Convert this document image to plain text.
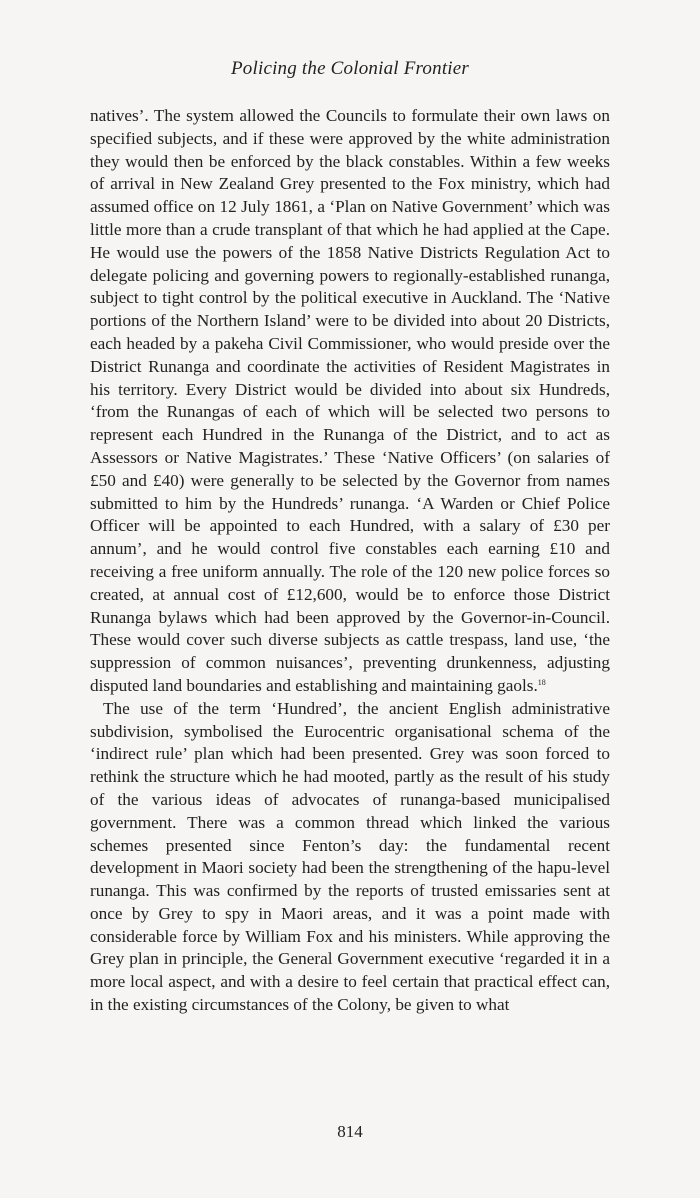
Policing the Colonial Frontier

natives’. The system allowed the Councils to formulate their own laws on specified subjects, and if these were approved by the white administration they would then be enforced by the black constables. Within a few weeks of arrival in New Zealand Grey presented to the Fox ministry, which had assumed office on 12 July 1861, a ‘Plan on Native Government’ which was little more than a crude transplant of that which he had applied at the Cape. He would use the powers of the 1858 Native Districts Regulation Act to delegate policing and governing powers to regionally-established runanga, subject to tight control by the political executive in Auckland. The ‘Native portions of the Northern Island’ were to be divided into about 20 Districts, each headed by a pakeha Civil Commissioner, who would preside over the District Runanga and coordinate the activities of Resident Magistrates in his territory. Every District would be divided into about six Hundreds, ‘from the Runangas of each of which will be selected two persons to represent each Hundred in the Runanga of the District, and to act as Assessors or Native Magistrates.’ These ‘Native Officers’ (on salaries of £50 and £40) were generally to be selected by the Governor from names submitted to him by the Hundreds’ runanga. ‘A Warden or Chief Police Officer will be appointed to each Hundred, with a salary of £30 per annum’, and he would control five constables each earning £10 and receiving a free uniform annually. The role of the 120 new police forces so created, at annual cost of £12,600, would be to enforce those District Runanga bylaws which had been approved by the Governor-in-Council. These would cover such diverse subjects as cattle trespass, land use, ‘the suppression of common nuisances’, preventing drunkenness, adjusting disputed land boundaries and establishing and maintaining gaols.$^{18}$

The use of the term ‘Hundred’, the ancient English administrative subdivision, symbolised the Eurocentric organisational schema of the ‘indirect rule’ plan which had been presented. Grey was soon forced to rethink the structure which he had mooted, partly as the result of his study of the various ideas of advocates of runanga-based municipalised government. There was a common thread which linked the various schemes presented since Fenton’s day: the fundamental recent development in Maori society had been the strengthening of the hapu-level runanga. This was confirmed by the reports of trusted emissaries sent at once by Grey to spy in Maori areas, and it was a point made with considerable force by William Fox and his ministers. While approving the Grey plan in principle, the General Government executive ‘regarded it in a more local aspect, and with a desire to feel certain that practical effect can, in the existing circumstances of the Colony, be given to what

814
